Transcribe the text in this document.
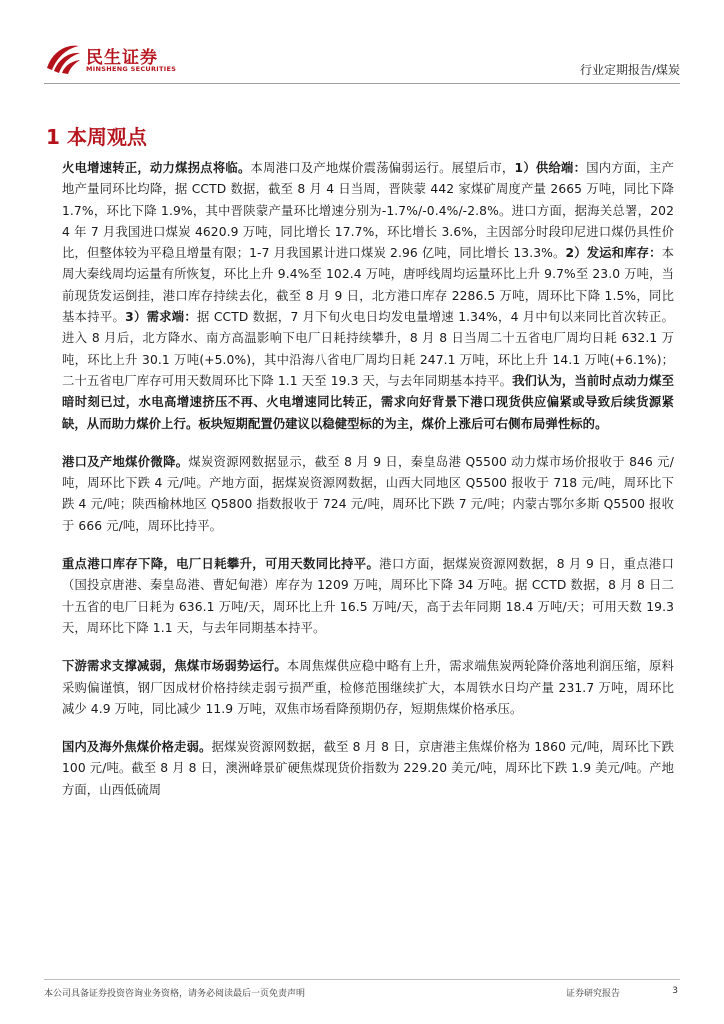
民生证券
MINSHENG SECURITIES	行业定期报告/煤炭
1 本周观点

火电增速转正，动力煤拐点将临。本周港口及产地煤价震荡偏弱运行。展望后市，1）供给端：国内方面，主产地产量同环比均降，据 CCTD 数据，截至 8 月 4 日当周，晋陕蒙 442 家煤矿周度产量 2665 万吨，同比下降 1.7%，环比下降 1.9%，其中晋陕蒙产量环比增速分别为-1.7%/-0.4%/-2.8%。进口方面，据海关总署，2024 年 7 月我国进口煤炭 4620.9 万吨，同比增长 17.7%，环比增长 3.6%，主因部分时段印尼进口煤仍具性价比，但整体较为平稳且增量有限；1-7 月我国累计进口煤炭 2.96 亿吨，同比增长 13.3%。2）发运和库存：本周大秦线周均运量有所恢复，环比上升 9.4%至 102.4 万吨，唐呼线周均运量环比上升 9.7%至 23.0 万吨，当前现货发运倒挂，港口库存持续去化，截至 8 月 9 日，北方港口库存 2286.5 万吨，周环比下降 1.5%，同比基本持平。3）需求端：据 CCTD 数据，7 月下旬火电日均发电量增速 1.34%，4 月中旬以来同比首次转正。进入 8 月后，北方降水、南方高温影响下电厂日耗持续攀升，8 月 8 日当周二十五省电厂周均日耗 632.1 万吨，环比上升 30.1 万吨(+5.0%)，其中沿海八省电厂周均日耗 247.1 万吨，环比上升 14.1 万吨(+6.1%)；二十五省电厂库存可用天数周环比下降 1.1 天至 19.3 天，与去年同期基本持平。我们认为，当前时点动力煤至暗时刻已过，水电高增速挤压不再、火电增速同比转正，需求向好背景下港口现货供应偏紧或导致后续货源紧缺，从而助力煤价上行。板块短期配置仍建议以稳健型标的为主，煤价上涨后可右侧布局弹性标的。

港口及产地煤价微降。煤炭资源网数据显示，截至 8 月 9 日，秦皇岛港 Q5500 动力煤市场价报收于 846 元/吨，周环比下跌 4 元/吨。产地方面，据煤炭资源网数据，山西大同地区 Q5500 报收于 718 元/吨，周环比下跌 4 元/吨；陕西榆林地区 Q5800 指数报收于 724 元/吨，周环比下跌 7 元/吨；内蒙古鄂尔多斯 Q5500 报收于 666 元/吨，周环比持平。

重点港口库存下降，电厂日耗攀升，可用天数同比持平。港口方面，据煤炭资源网数据，8 月 9 日，重点港口（国投京唐港、秦皇岛港、曹妃甸港）库存为 1209 万吨，周环比下降 34 万吨。据 CCTD 数据，8 月 8 日二十五省的电厂日耗为 636.1 万吨/天，周环比上升 16.5 万吨/天，高于去年同期 18.4 万吨/天；可用天数 19.3 天，周环比下降 1.1 天，与去年同期基本持平。

下游需求支撑减弱，焦煤市场弱势运行。本周焦煤供应稳中略有上升，需求端焦炭两轮降价落地利润压缩，原料采购偏谨慎，钢厂因成材价格持续走弱亏损严重，检修范围继续扩大，本周铁水日均产量 231.7 万吨，周环比减少 4.9 万吨，同比减少 11.9 万吨，双焦市场看降预期仍存，短期焦煤价格承压。

国内及海外焦煤价格走弱。据煤炭资源网数据，截至 8 月 8 日，京唐港主焦煤价格为 1860 元/吨，周环比下跌 100 元/吨。截至 8 月 8 日，澳洲峰景矿硬焦煤现货价指数为 229.20 美元/吨，周环比下跌 1.9 美元/吨。产地方面，山西低硫周

本公司具备证券投资咨询业务资格，请务必阅读最后一页免责声明	证券研究报告	3
